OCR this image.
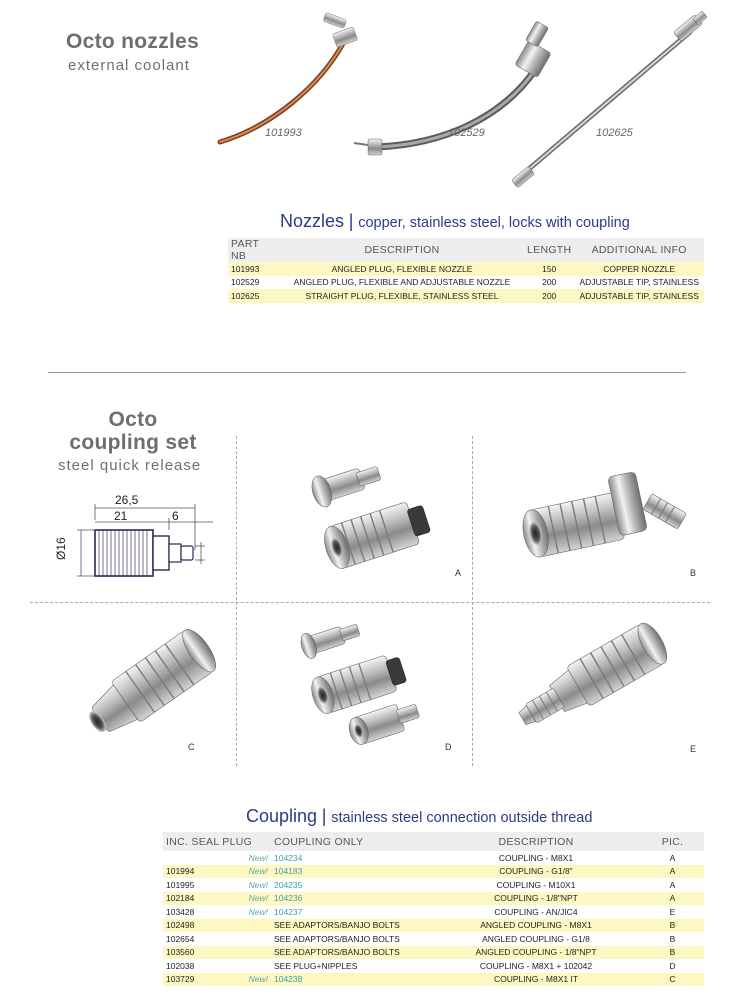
Octo nozzles
external coolant
101993	102529	102625
Nozzles | copper, stainless steel, locks with coupling
PART NB	DESCRIPTION	LENGTH	ADDITIONAL INFO
101993	ANGLED PLUG, FLEXIBLE NOZZLE	150	COPPER NOZZLE
102529	ANGLED PLUG, FLEXIBLE AND ADJUSTABLE NOZZLE	200	ADJUSTABLE TIP, STAINLESS
102625	STRAIGHT PLUG, FLEXIBLE, STAINLESS STEEL	200	ADJUSTABLE TIP, STAINLESS
Octo
coupling set
steel quick release
26,5
21	6
Ø16
A	B
C	D	E
Coupling | stainless steel connection outside thread
INC. SEAL PLUG	COUPLING ONLY	DESCRIPTION	PIC.

New!	104234	COUPLING - M8X1	A
101994 New!	104183	COUPLING - G1/8"	A
101995 New!	204235	COUPLING - M10X1	A
102184 New!	104236	COUPLING - 1/8"NPT	A
103428 New!	104237	COUPLING - AN/JIC4	E
102498	SEE ADAPTORS/BANJO BOLTS	ANGLED COUPLING - M8X1	B
102654	SEE ADAPTORS/BANJO BOLTS	ANGLED COUPLING - G1/8	B
103560	SEE ADAPTORS/BANJO BOLTS	ANGLED COUPLING - 1/8"NPT	B
102038	SEE PLUG+NIPPLES	COUPLING - M8X1 + 102042	D
103729 New!	104238	COUPLING - M8X1 IT	C
